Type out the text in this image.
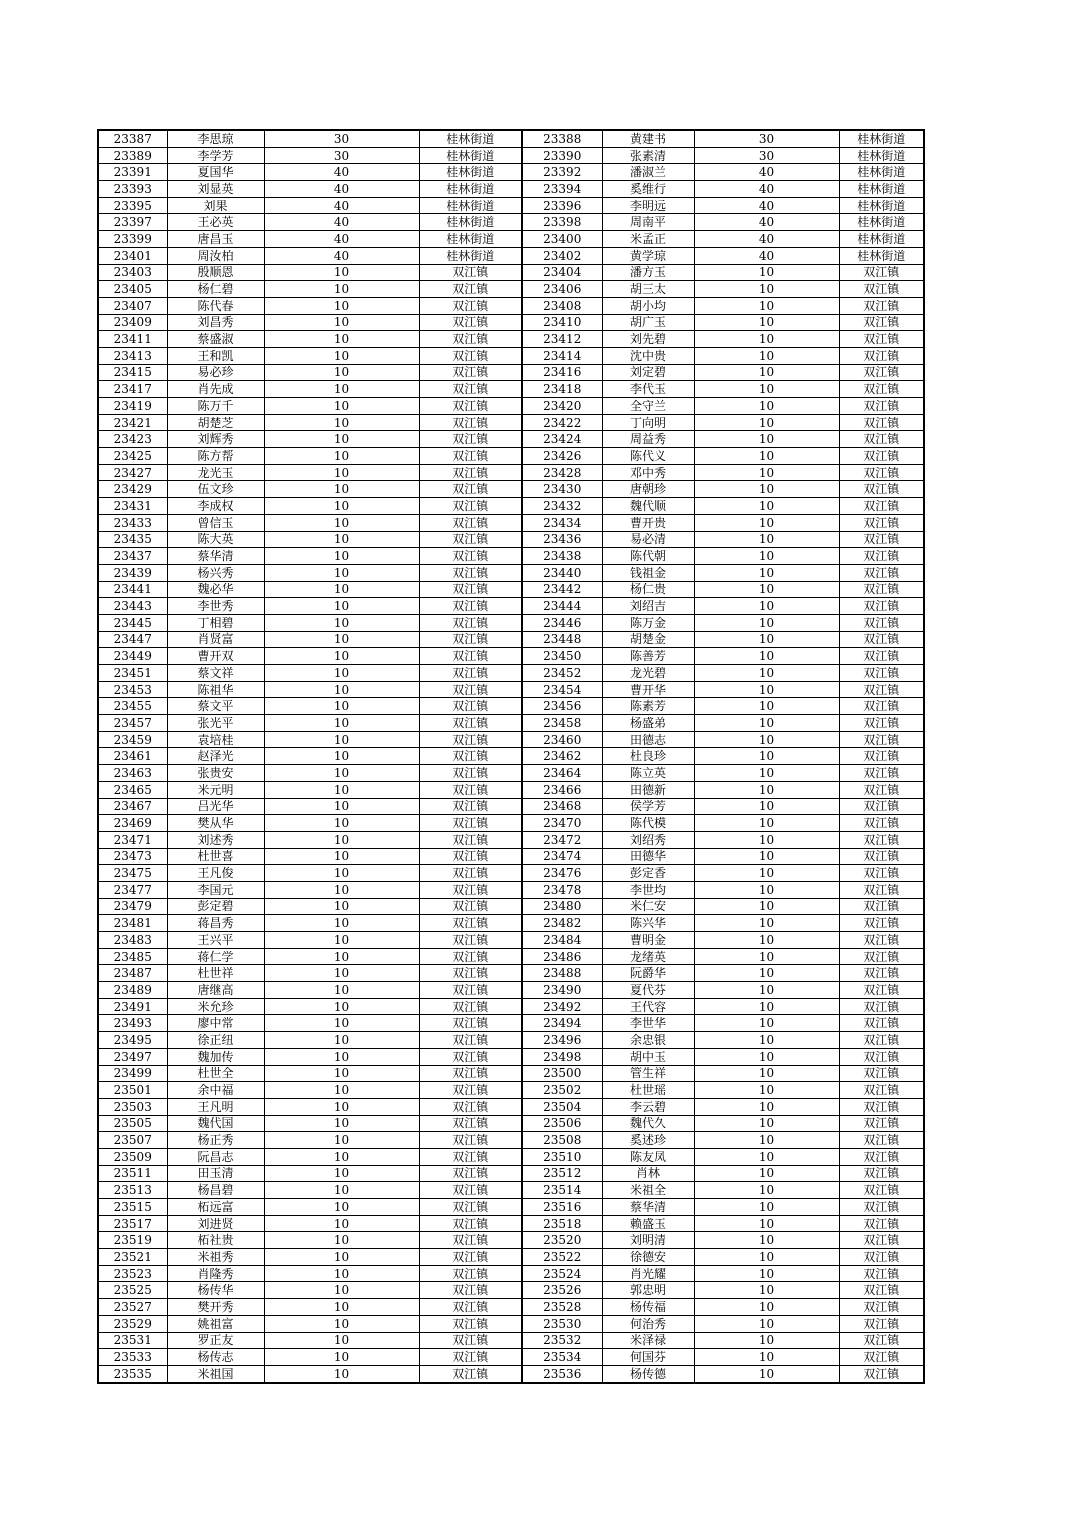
23387	李思琼	30	桂林街道	23388	黄建书	30	桂林街道
23389	李学芳	30	桂林街道	23390	张素清	30	桂林街道
23391	夏国华	40	桂林街道	23392	潘淑兰	40	桂林街道
23393	刘显英	40	桂林街道	23394	奚维行	40	桂林街道
23395	刘果	40	桂林街道	23396	李明远	40	桂林街道
23397	王必英	40	桂林街道	23398	周南平	40	桂林街道
23399	唐昌玉	40	桂林街道	23400	米孟正	40	桂林街道
23401	周汝柏	40	桂林街道	23402	黄学琼	40	桂林街道
23403	殷顺恩	10	双江镇	23404	潘方玉	10	双江镇
23405	杨仁碧	10	双江镇	23406	胡三太	10	双江镇
23407	陈代春	10	双江镇	23408	胡小均	10	双江镇
23409	刘昌秀	10	双江镇	23410	胡广玉	10	双江镇
23411	蔡盛淑	10	双江镇	23412	刘先碧	10	双江镇
23413	王和凯	10	双江镇	23414	沈中贵	10	双江镇
23415	易必珍	10	双江镇	23416	刘定碧	10	双江镇
23417	肖先成	10	双江镇	23418	李代玉	10	双江镇
23419	陈万千	10	双江镇	23420	全守兰	10	双江镇
23421	胡楚芝	10	双江镇	23422	丁向明	10	双江镇
23423	刘辉秀	10	双江镇	23424	周益秀	10	双江镇
23425	陈方帮	10	双江镇	23426	陈代义	10	双江镇
23427	龙光玉	10	双江镇	23428	邓中秀	10	双江镇
23429	伍文珍	10	双江镇	23430	唐朝珍	10	双江镇
23431	李成权	10	双江镇	23432	魏代顺	10	双江镇
23433	曾信玉	10	双江镇	23434	曹开贵	10	双江镇
23435	陈大英	10	双江镇	23436	易必清	10	双江镇
23437	蔡华清	10	双江镇	23438	陈代朝	10	双江镇
23439	杨兴秀	10	双江镇	23440	钱祖金	10	双江镇
23441	魏必华	10	双江镇	23442	杨仁贵	10	双江镇
23443	李世秀	10	双江镇	23444	刘绍吉	10	双江镇
23445	丁相碧	10	双江镇	23446	陈万金	10	双江镇
23447	肖贤富	10	双江镇	23448	胡楚金	10	双江镇
23449	曹开双	10	双江镇	23450	陈善芳	10	双江镇
23451	蔡文祥	10	双江镇	23452	龙光碧	10	双江镇
23453	陈祖华	10	双江镇	23454	曹开华	10	双江镇
23455	蔡文平	10	双江镇	23456	陈素芳	10	双江镇
23457	张光平	10	双江镇	23458	杨盛弟	10	双江镇
23459	袁培桂	10	双江镇	23460	田德志	10	双江镇
23461	赵泽光	10	双江镇	23462	杜良珍	10	双江镇
23463	张贵安	10	双江镇	23464	陈立英	10	双江镇
23465	米元明	10	双江镇	23466	田德新	10	双江镇
23467	吕光华	10	双江镇	23468	侯学芳	10	双江镇
23469	樊从华	10	双江镇	23470	陈代模	10	双江镇
23471	刘述秀	10	双江镇	23472	刘绍秀	10	双江镇
23473	杜世喜	10	双江镇	23474	田德华	10	双江镇
23475	王凡俊	10	双江镇	23476	彭定香	10	双江镇
23477	李国元	10	双江镇	23478	李世均	10	双江镇
23479	彭定碧	10	双江镇	23480	米仁安	10	双江镇
23481	蒋昌秀	10	双江镇	23482	陈兴华	10	双江镇
23483	王兴平	10	双江镇	23484	曹明金	10	双江镇
23485	蒋仁学	10	双江镇	23486	龙绪英	10	双江镇
23487	杜世祥	10	双江镇	23488	阮爵华	10	双江镇
23489	唐继高	10	双江镇	23490	夏代芬	10	双江镇
23491	米允珍	10	双江镇	23492	王代容	10	双江镇
23493	廖中常	10	双江镇	23494	李世华	10	双江镇
23495	徐正纽	10	双江镇	23496	余忠银	10	双江镇
23497	魏加传	10	双江镇	23498	胡中玉	10	双江镇
23499	杜世全	10	双江镇	23500	管生祥	10	双江镇
23501	余中福	10	双江镇	23502	杜世瑶	10	双江镇
23503	王凡明	10	双江镇	23504	李云碧	10	双江镇
23505	魏代国	10	双江镇	23506	魏代久	10	双江镇
23507	杨正秀	10	双江镇	23508	奚述珍	10	双江镇
23509	阮昌志	10	双江镇	23510	陈友凤	10	双江镇
23511	田玉清	10	双江镇	23512	肖林	10	双江镇
23513	杨昌碧	10	双江镇	23514	米祖全	10	双江镇
23515	柘远富	10	双江镇	23516	蔡华清	10	双江镇
23517	刘进贤	10	双江镇	23518	赖盛玉	10	双江镇
23519	柘社贵	10	双江镇	23520	刘明清	10	双江镇
23521	米祖秀	10	双江镇	23522	徐德安	10	双江镇
23523	肖隆秀	10	双江镇	23524	肖光耀	10	双江镇
23525	杨传华	10	双江镇	23526	郭忠明	10	双江镇
23527	樊开秀	10	双江镇	23528	杨传福	10	双江镇
23529	姚祖富	10	双江镇	23530	何治秀	10	双江镇
23531	罗正友	10	双江镇	23532	米泽禄	10	双江镇
23533	杨传志	10	双江镇	23534	何国芬	10	双江镇
23535	米祖国	10	双江镇	23536	杨传德	10	双江镇
